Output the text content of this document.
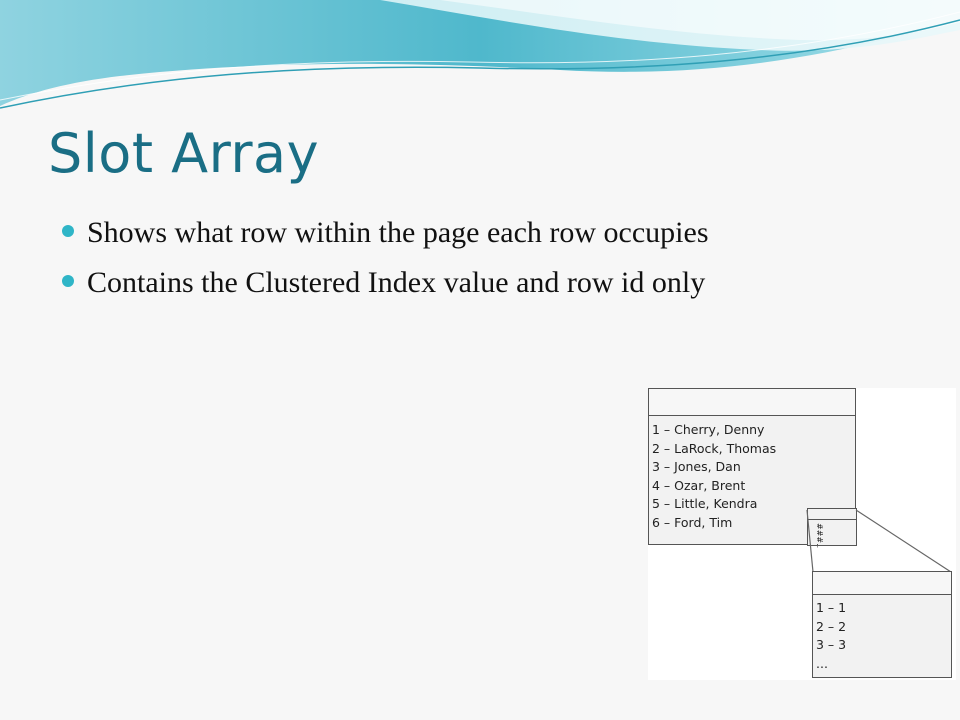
Slot Array
Shows what row within the page each row occupies
Contains the Clustered Index value and row id only
1 – Cherry, Denny
2 – LaRock, Thomas
3 – Jones, Dan
4 – Ozar, Brent
5 – Little, Kendra
6 – Ford, Tim
###..
1 – 1
2 – 2
3 – 3
...
